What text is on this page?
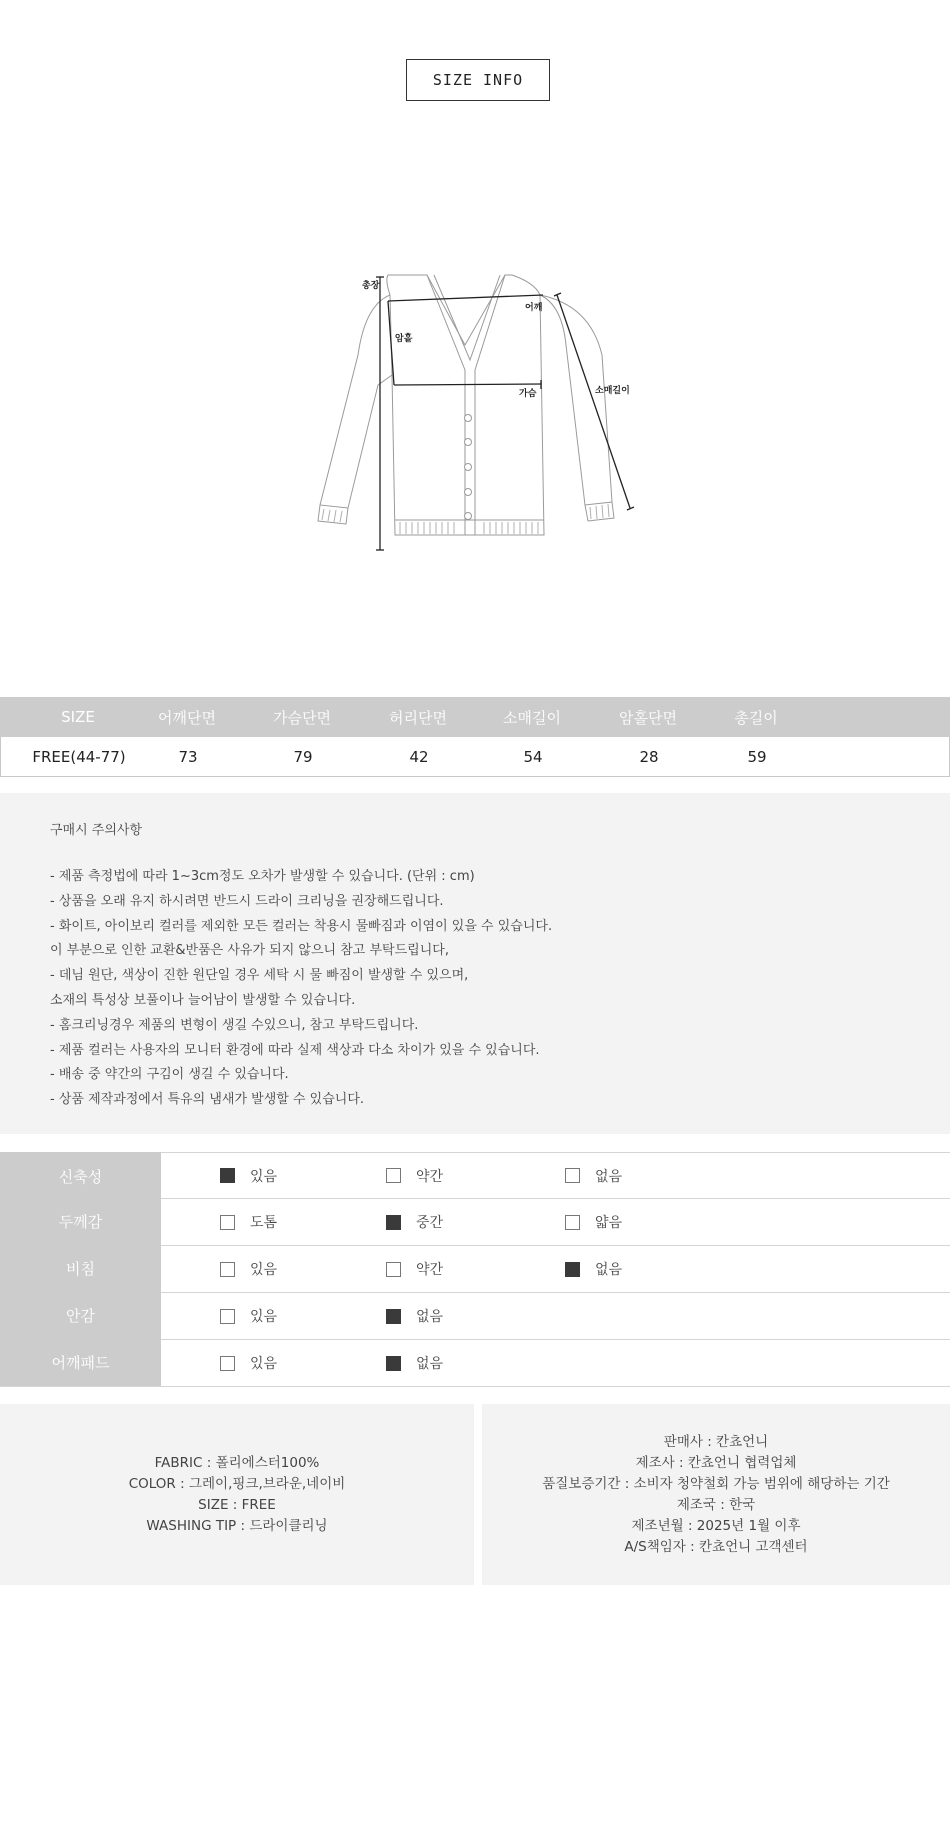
SIZE INFO
총장
어깨
암홀
가슴	소매길이
SIZE	어깨단면	가슴단면	허리단면	소매길이	암홀단면	총길이
FREE(44-77)	73	79	42	54	28	59
구매시 주의사항
- 제품 측정법에 따라 1~3cm정도 오차가 발생할 수 있습니다. (단위 : cm)
- 상품을 오래 유지 하시려면 반드시 드라이 크리닝을 권장해드립니다.
- 화이트, 아이보리 컬러를 제외한 모든 컬러는 착용시 물빠짐과 이염이 있을 수 있습니다.
이 부분으로 인한 교환&반품은 사유가 되지 않으니 참고 부탁드립니다,
- 데님 원단, 색상이 진한 원단일 경우 세탁 시 물 빠짐이 발생할 수 있으며,
소재의 특성상 보풀이나 늘어남이 발생할 수 있습니다.
- 홈크리닝경우 제품의 변형이 생길 수있으니, 참고 부탁드립니다.
- 제품 컬러는 사용자의 모니터 환경에 따라 실제 색상과 다소 차이가 있을 수 있습니다.
- 배송 중 약간의 구김이 생길 수 있습니다.
- 상품 제작과정에서 특유의 냄새가 발생할 수 있습니다.
신축성	있음	약간	없음
두께감	도톰	중간	얇음
비침	있음	약간	없음
안감	있음	없음
어깨패드	있음	없음
FABRIC : 폴리에스터100%
COLOR : 그레이,핑크,브라운,네이비
SIZE : FREE
WASHING TIP : 드라이클리닝
판매사 : 칸쵸언니
제조사 : 칸쵸언니 협력업체
품질보증기간 : 소비자 청약철회 가능 범위에 해당하는 기간
제조국 : 한국
제조년월 : 2025년 1월 이후
A/S책임자 : 칸쵸언니 고객센터
